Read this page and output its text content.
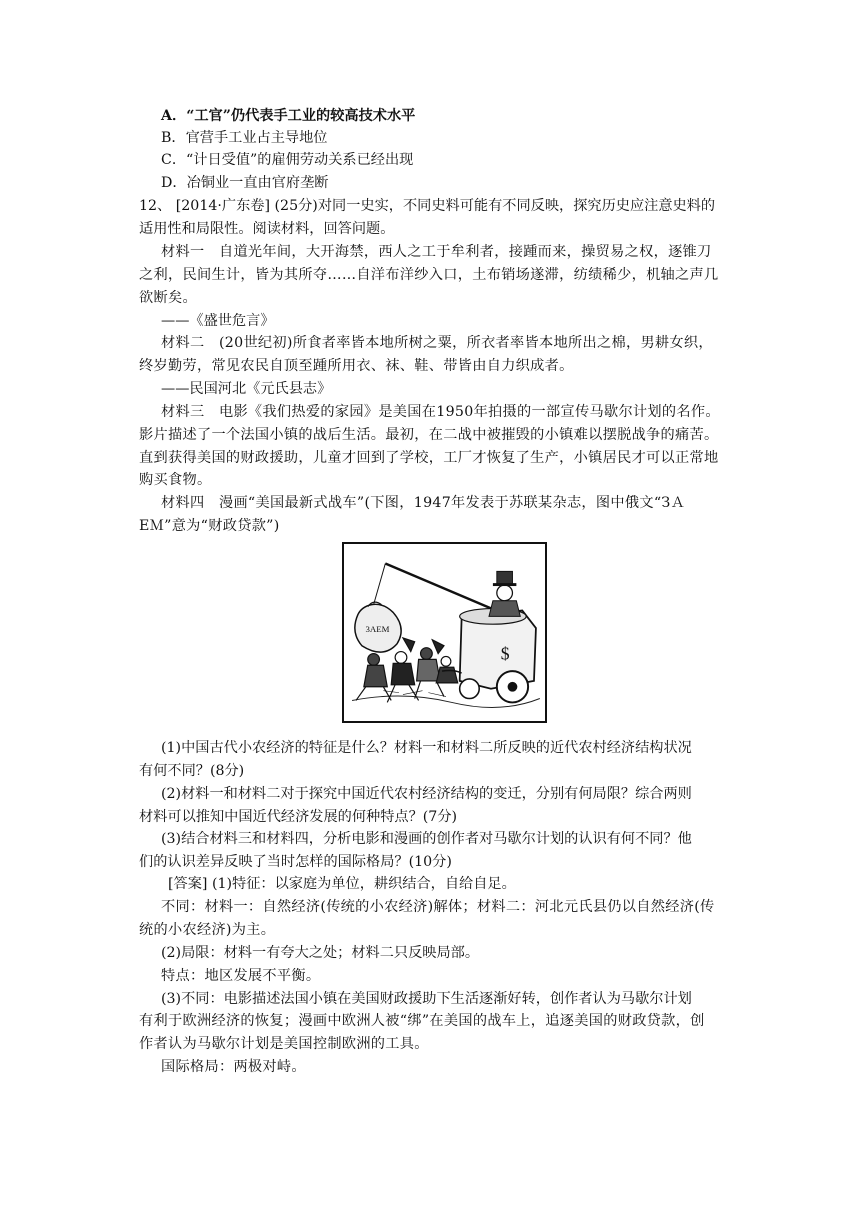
A．“工官”仍代表手工业的较高技术水平
B．官营手工业占主导地位
C．“计日受值”的雇佣劳动关系已经出现
D．冶铜业一直由官府垄断
12、 [2014·广东卷] (25分)对同一史实，不同史料可能有不同反映，探究历史应注意史料的
适用性和局限性。阅读材料，回答问题。
材料一　自道光年间，大开海禁，西人之工于牟利者，接踵而来，操贸易之权，逐锥刀
之利，民间生计，皆为其所夺……自洋布洋纱入口，土布销场遂滞，纺绩稀少，机轴之声几
欲断矣。
——《盛世危言》
材料二　(20世纪初)所食者率皆本地所树之粟，所衣者率皆本地所出之棉，男耕女织，
终岁勤劳，常见农民自顶至踵所用衣、袜、鞋、带皆由自力织成者。
——民国河北《元氏县志》
材料三　电影《我们热爱的家园》是美国在1950年拍摄的一部宣传马歇尔计划的名作。
影片描述了一个法国小镇的战后生活。最初，在二战中被摧毁的小镇难以摆脱战争的痛苦。
直到获得美国的财政援助，儿童才回到了学校，工厂才恢复了生产，小镇居民才可以正常地
购买食物。
材料四　漫画“美国最新式战车”(下图，1947年发表于苏联某杂志，图中俄文“ЗＡ
ЕＭ”意为“财政贷款”)
3AEM
$
(1)中国古代小农经济的特征是什么？材料一和材料二所反映的近代农村经济结构状况
有何不同？(8分)
(2)材料一和材料二对于探究中国近代农村经济结构的变迁，分别有何局限？综合两则
材料可以推知中国近代经济发展的何种特点？(7分)
(3)结合材料三和材料四，分析电影和漫画的创作者对马歇尔计划的认识有何不同？他
们的认识差异反映了当时怎样的国际格局？(10分)
[答案] (1)特征：以家庭为单位，耕织结合，自给自足。
不同：材料一：自然经济(传统的小农经济)解体；材料二：河北元氏县仍以自然经济(传
统的小农经济)为主。
(2)局限：材料一有夸大之处；材料二只反映局部。
特点：地区发展不平衡。
(3)不同：电影描述法国小镇在美国财政援助下生活逐渐好转，创作者认为马歇尔计划
有利于欧洲经济的恢复；漫画中欧洲人被“绑”在美国的战车上，追逐美国的财政贷款，创
作者认为马歇尔计划是美国控制欧洲的工具。
国际格局：两极对峙。
